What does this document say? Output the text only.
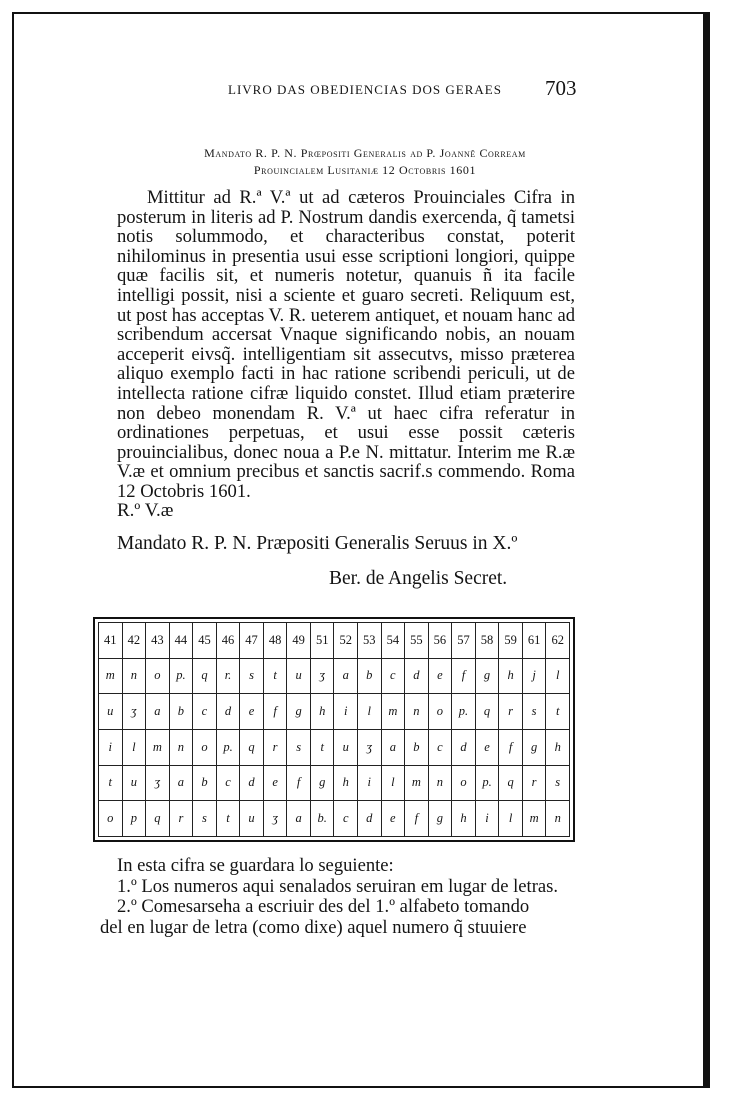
LIVRO DAS OBEDIENCIAS DOS GERAES	703
Mandato R. P. N. Prœpositi Generalis ad P. Joannẽ Corream
Prouincialem Lusitaniæ 12 Octobris 1601

Mittitur ad R.ª V.ª ut ad cæteros Prouinciales Cifra in posterum in literis ad P. Nostrum dandis exercenda, q̃ tametsi notis solummodo, et characteribus constat, poterit nihilominus in presentia usui esse scriptioni longiori, quippe quæ facilis sit, et numeris notetur, quanuis ñ ita facile intelligi possit, nisi a sciente et guaro secreti. Reliquum est, ut post has acceptas V. R. ueterem antiquet, et nouam hanc ad scribendum accersat Vnaque significando nobis, an nouam acceperit eivsq̃. intelligentiam sit assecutvs, misso præterea aliquo exemplo facti in hac ratione scribendi periculi, ut de intellecta ratione cifræ liquido constet. Illud etiam præterire non debeo monendam R. V.ª ut haec cifra referatur in ordinationes perpetuas, et usui esse possit cæteris prouincialibus, donec noua a P.e N. mittatur. Interim me R.æ V.æ et omnium precibus et sanctis sacrif.s commendo. Roma 12 Octobris 1601.

R.º V.æ
Mandato R. P. N. Præpositi Generalis Seruus in X.º
Ber. de Angelis Secret.
41	42	43	44	45	46	47	48	49	51	52	53	54	55	56	57	58	59	61	62
m	n	o	p.	q	r.	s	t	u	ʒ	a	b	c	d	e	f	g	h	j	l
u	ʒ	a	b	c	d	e	f	g	h	i	l	m	n	o	p.	q	r	s	t
i	l	m	n	o	p.	q	r	s	t	u	ʒ	a	b	c	d	e	f	g	h
t	u	ʒ	a	b	c	d	e	f	g	h	i	l	m	n	o	p.	q	r	s
o	p	q	r	s	t	u	ʒ	a	b.	c	d	e	f	g	h	i	l	m	n
In esta cifra se guardara lo seguiente:
1.º Los numeros aqui senalados seruiran em lugar de letras.
2.º Comesarseha a escriuir des del 1.º alfabeto tomando
del en lugar de letra (como dixe) aquel numero q̃ stuuiere
